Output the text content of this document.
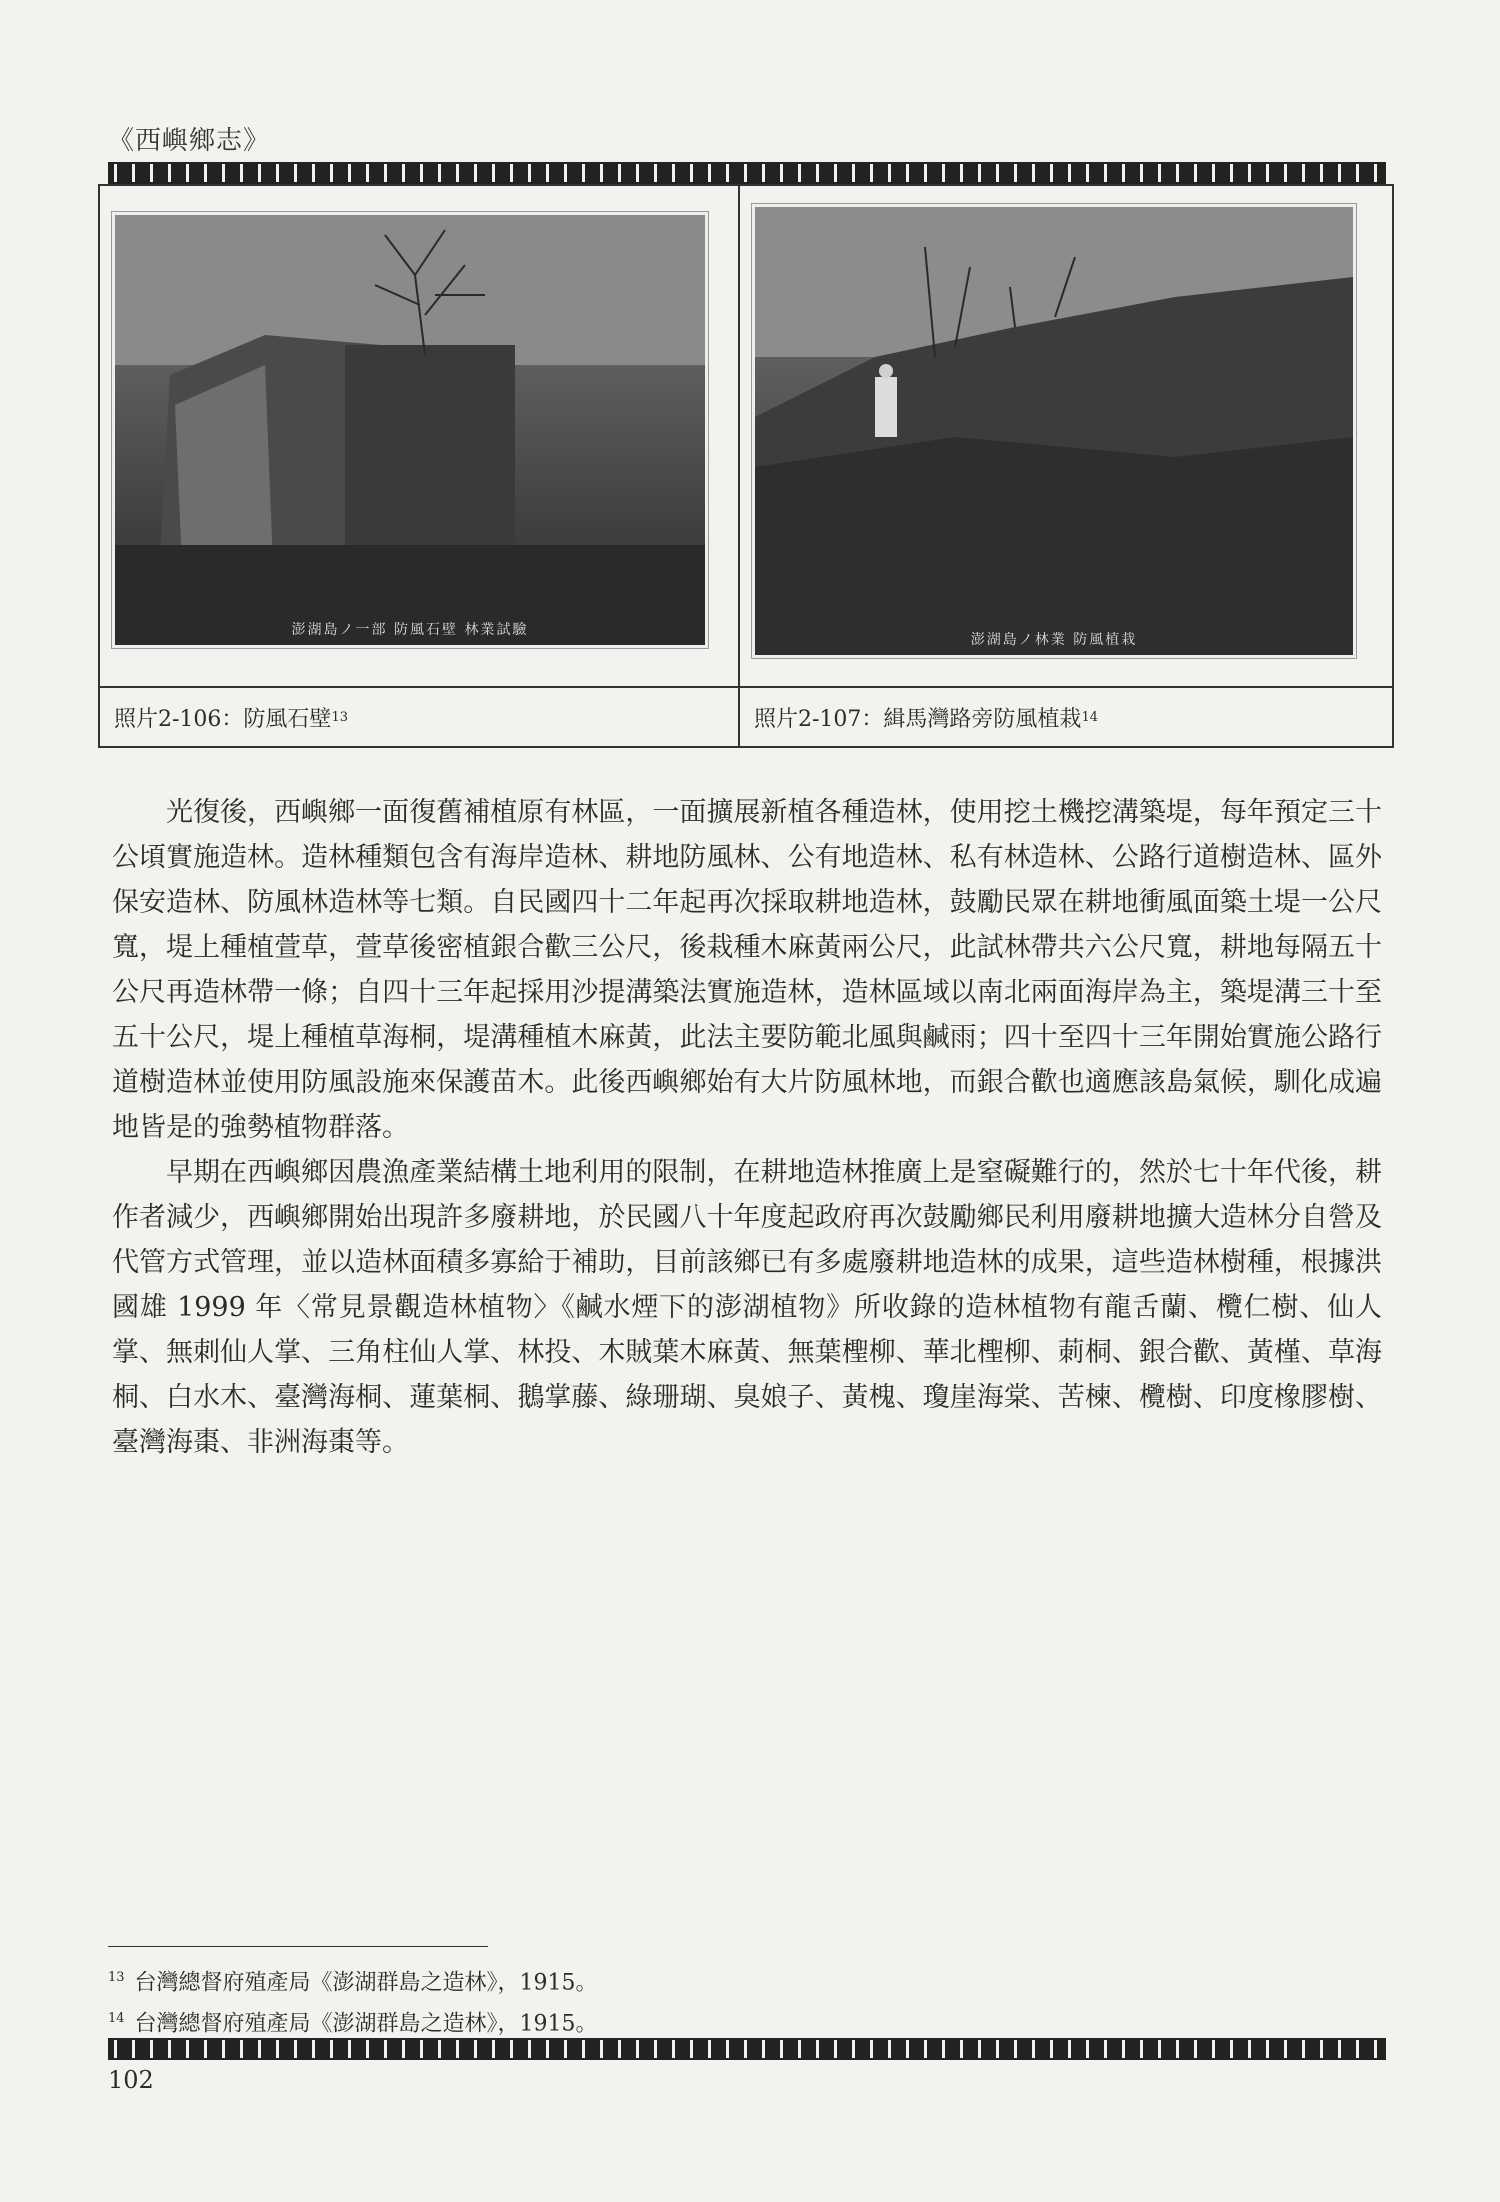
《西嶼鄉志》
澎湖島ノ一部 防風石壁 林業試驗
澎湖島ノ林業 防風植栽
照片2-106：防風石壁 13	照片2-107：緝馬灣路旁防風植栽 14

光復後，西嶼鄉一面復舊補植原有林區，一面擴展新植各種造林，使用挖土機挖溝築堤，每年預定三十公頃實施造林。造林種類包含有海岸造林、耕地防風林、公有地造林、私有林造林、公路行道樹造林、區外保安造林、防風林造林等七類。自民國四十二年起再次採取耕地造林，鼓勵民眾在耕地衝風面築土堤一公尺寬，堤上種植萱草，萱草後密植銀合歡三公尺，後栽種木麻黃兩公尺，此試林帶共六公尺寬，耕地每隔五十公尺再造林帶一條；自四十三年起採用沙提溝築法實施造林，造林區域以南北兩面海岸為主，築堤溝三十至五十公尺，堤上種植草海桐，堤溝種植木麻黃，此法主要防範北風與鹹雨；四十至四十三年開始實施公路行道樹造林並使用防風設施來保護苗木。此後西嶼鄉始有大片防風林地，而銀合歡也適應該島氣候，馴化成遍地皆是的強勢植物群落。

早期在西嶼鄉因農漁產業結構土地利用的限制，在耕地造林推廣上是窒礙難行的，然於七十年代後，耕作者減少，西嶼鄉開始出現許多廢耕地，於民國八十年度起政府再次鼓勵鄉民利用廢耕地擴大造林分自營及代管方式管理，並以造林面積多寡給于補助，目前該鄉已有多處廢耕地造林的成果，這些造林樹種，根據洪國雄 1999 年〈常見景觀造林植物〉《鹹水煙下的澎湖植物》所收錄的造林植物有龍舌蘭、欖仁樹、仙人掌、無刺仙人掌、三角柱仙人掌、林投、木賊葉木麻黃、無葉檉柳、華北檉柳、莿桐、銀合歡、黃槿、草海桐、白水木、臺灣海桐、蓮葉桐、鵝掌藤、綠珊瑚、臭娘子、黃槐、瓊崖海棠、苦楝、欖樹、印度橡膠樹、臺灣海棗、非洲海棗等。

$^{13}$ 台灣總督府殖產局《澎湖群島之造林》，1915。
$^{14}$ 台灣總督府殖產局《澎湖群島之造林》，1915。
102
